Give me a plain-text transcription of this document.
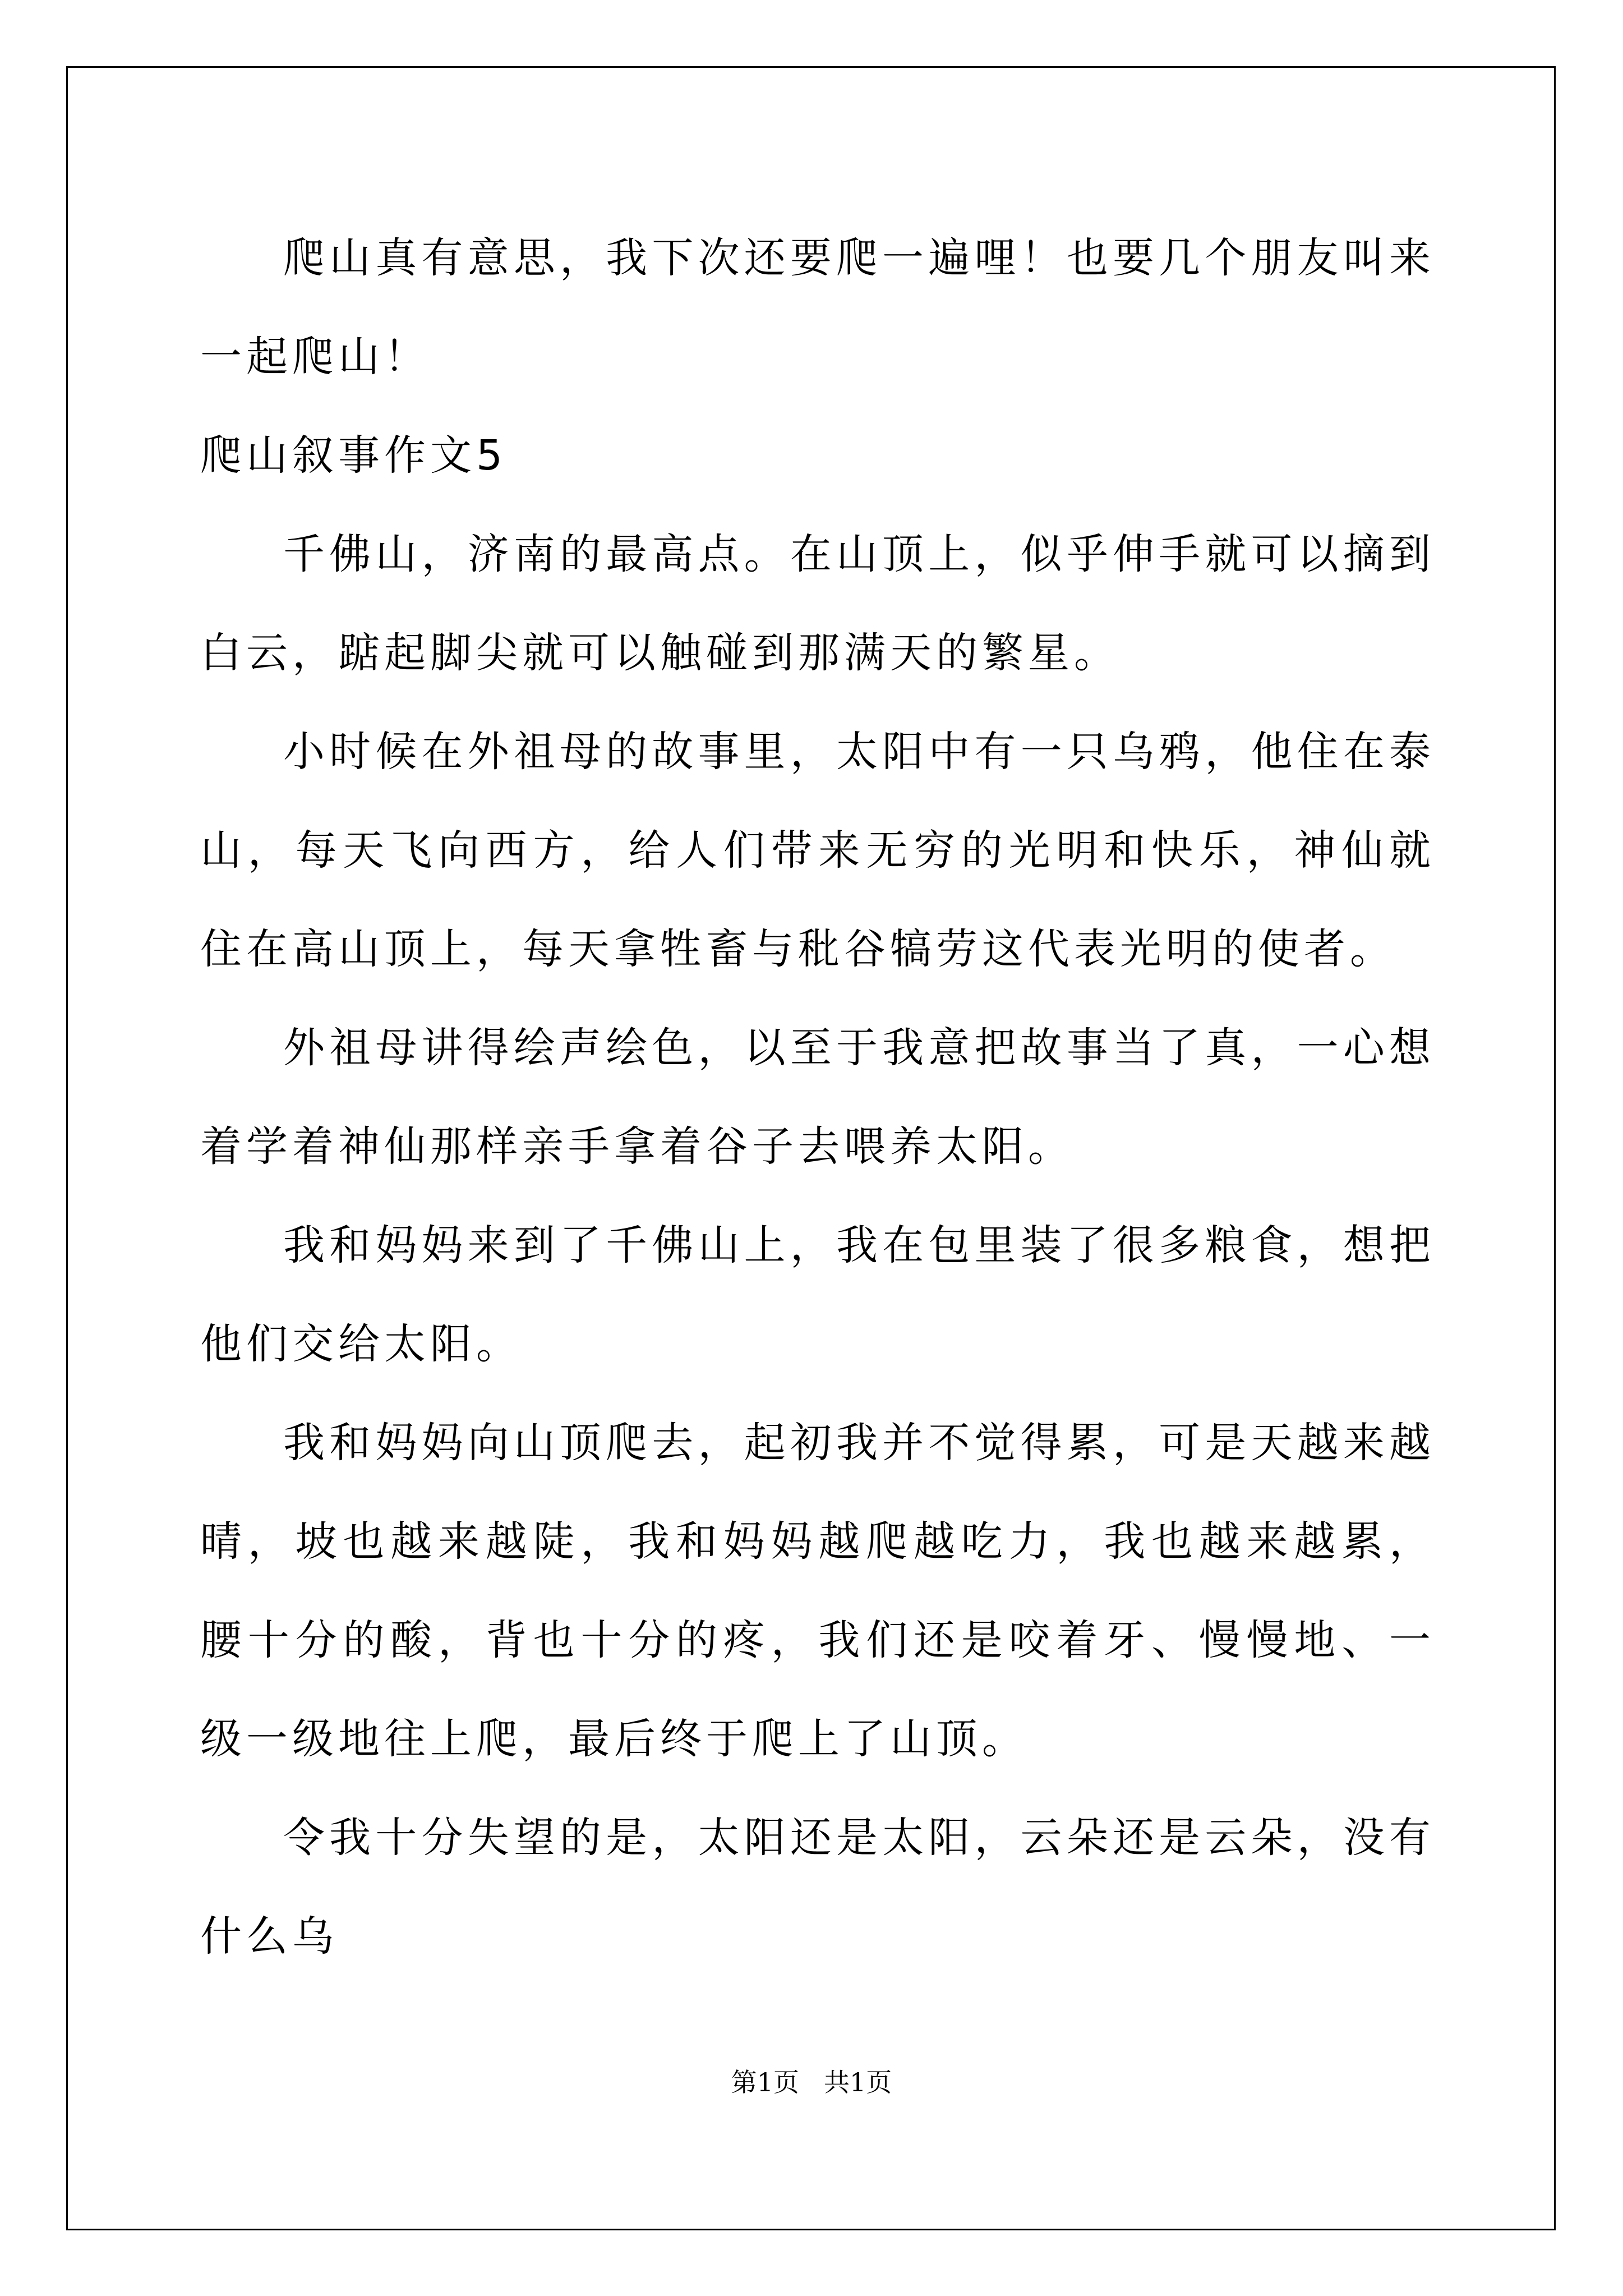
爬山真有意思，我下次还要爬一遍哩！也要几个朋友叫来一起爬山！

爬山叙事作文5

千佛山，济南的最高点。在山顶上，似乎伸手就可以摘到白云，踮起脚尖就可以触碰到那满天的繁星。

小时候在外祖母的故事里，太阳中有一只乌鸦，他住在泰山，每天飞向西方，给人们带来无穷的光明和快乐，神仙就住在高山顶上，每天拿牲畜与秕谷犒劳这代表光明的使者。

外祖母讲得绘声绘色，以至于我意把故事当了真，一心想着学着神仙那样亲手拿着谷子去喂养太阳。

我和妈妈来到了千佛山上，我在包里装了很多粮食，想把他们交给太阳。

我和妈妈向山顶爬去，起初我并不觉得累，可是天越来越晴，坡也越来越陡，我和妈妈越爬越吃力，我也越来越累，腰十分的酸，背也十分的疼，我们还是咬着牙、慢慢地、一级一级地往上爬，最后终于爬上了山顶。

令我十分失望的是，太阳还是太阳，云朵还是云朵，没有什么乌

第1页 共1页
